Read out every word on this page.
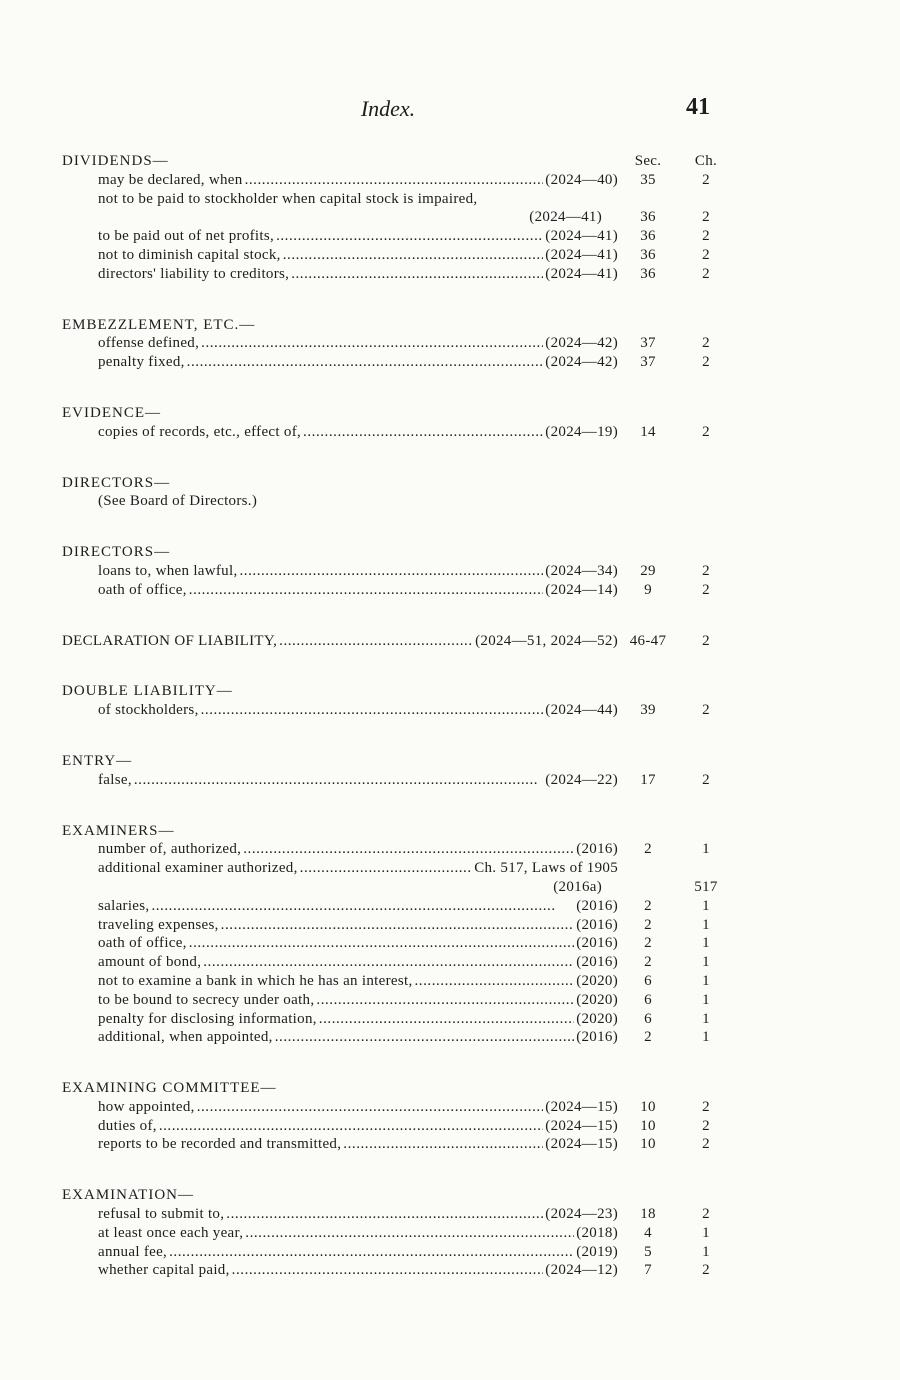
Index.	41
DIVIDENDS—	Sec.	Ch.
may be declared, when . . .	(2024—40)	35	2
not to be paid to stockholder when capital stock is impaired,
(2024—41)	36	2
to be paid out of net profits, . . .	(2024—41)	36	2
not to diminish capital stock, . . .	(2024—41)	36	2
directors' liability to creditors, . . .	(2024—41)	36	2
EMBEZZLEMENT, ETC.—
offense defined, . . .	(2024—42)	37	2
penalty fixed, . . .	(2024—42)	37	2
EVIDENCE—
copies of records, etc., effect of, . . .	(2024—19)	14	2
DIRECTORS—
(See Board of Directors.)
DIRECTORS—
loans to, when lawful, . . .	(2024—34)	29	2
oath of office, . . .	(2024—14)	9	2
DECLARATION OF LIABILITY, . . .	(2024—51, 2024—52) 46-47	2
DOUBLE LIABILITY—
of stockholders, . . .	(2024—44)	39	2
ENTRY—
false, . . .	(2024—22)	17	2
EXAMINERS—
number of, authorized, . . .	(2016)	2	1
additional examiner authorized, . . .	Ch. 517, Laws of 1905
(2016a)	517
salaries, . . .	(2016)	2	1
traveling expenses, . . .	(2016)	2	1
oath of office, . . .	(2016)	2	1
amount of bond, . . .	(2016)	2	1
not to examine a bank in which he has an interest, . . .	(2020)	6	1
to be bound to secrecy under oath, . . .	(2020)	6	1
penalty for disclosing information, . . .	(2020)	6	1
additional, when appointed, . . .	(2016)	2	1
EXAMINING COMMITTEE—
how appointed, . . .	(2024—15)	10	2
duties of, . . .	(2024—15)	10	2
reports to be recorded and transmitted, . . .	(2024—15)	10	2
EXAMINATION—
refusal to submit to, . . .	(2024—23)	18	2
at least once each year, . . .	(2018)	4	1
annual fee, . . .	(2019)	5	1
whether capital paid, . . .	(2024—12)	7	2
